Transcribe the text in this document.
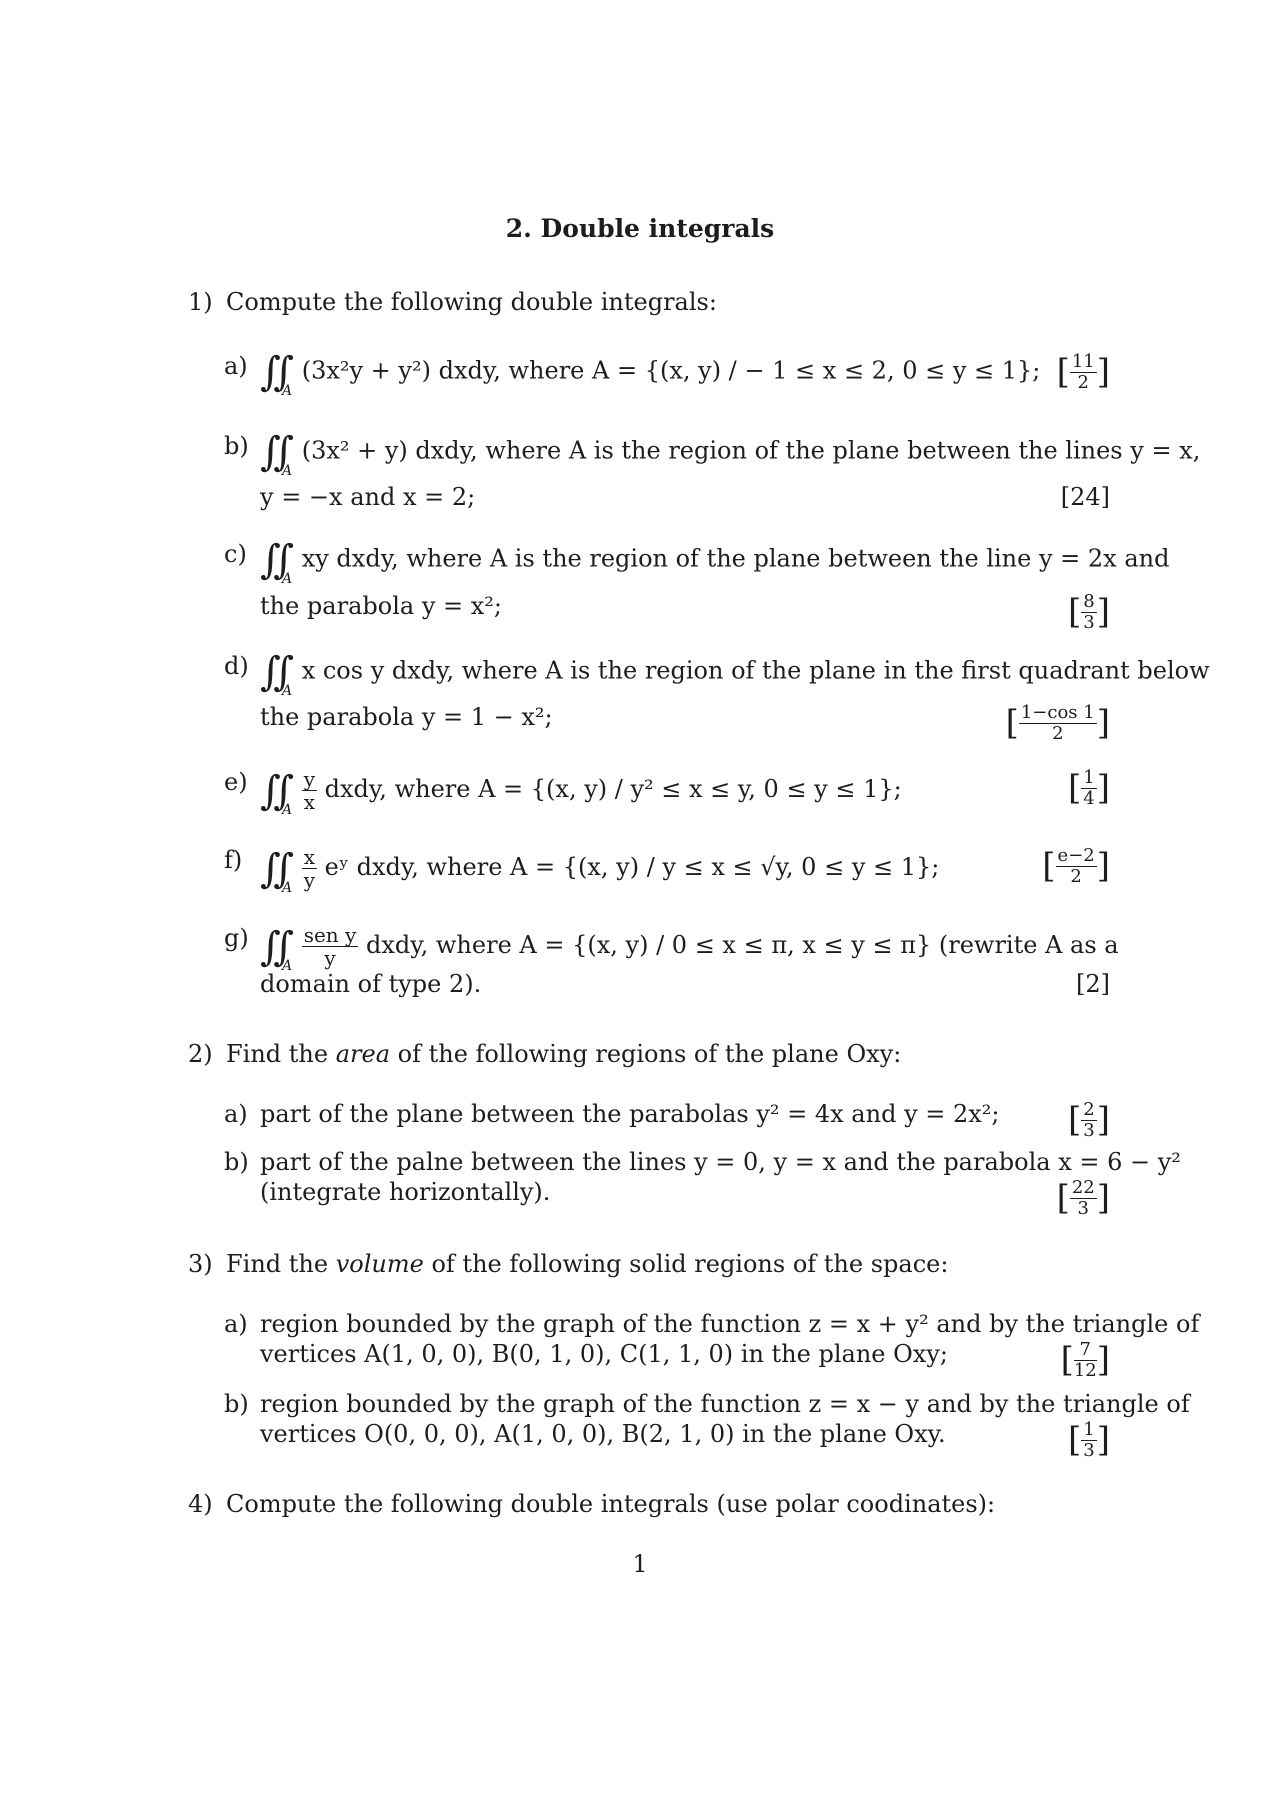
2. Double integrals
1) Compute the following double integrals:
a) ∬
A
(3x²y + y²) dxdy, where A = {(x, y) / − 1 ≤ x ≤ 2, 0 ≤ y ≤ 1}; [ $\frac{11}{2}$ ]
b) ∬
A
(3x² + y) dxdy, where A is the region of the plane between the lines y = x,
y = −x and x = 2;	[24]
c) ∬
A
xy dxdy, where A is the region of the plane between the line y = 2x and
the parabola y = x²;	[ $\frac{8}{3}$ ]
d) ∬
A
x cos y dxdy, where A is the region of the plane in the first quadrant below
the parabola y = 1 − x²;	[ $\frac{1-\cos 1}{2}$ ]
e) ∬
A
$\frac{y}{x}$ dxdy, where A = {(x, y) / y² ≤ x ≤ y, 0 ≤ y ≤ 1};	[ $\frac{1}{4}$ ]
f) ∬
A
$\frac{x}{y}$ eʸ dxdy, where A = {(x, y) / y ≤ x ≤ √y, 0 ≤ y ≤ 1};	[ $\frac{e-2}{2}$ ]
g) ∬
A
$\frac{\text{sen y}}{y}$ dxdy, where A = {(x, y) / 0 ≤ x ≤ π, x ≤ y ≤ π} (rewrite A as a
domain of type 2).	[2]
2) Find the area of the following regions of the plane Oxy:
a) part of the plane between the parabolas y² = 4x and y = 2x²; [ $\frac{2}{3}$ ]
b) part of the palne between the lines y = 0, y = x and the parabola x = 6 − y²
(integrate horizontally).	[ $\frac{22}{3}$ ]
3) Find the volume of the following solid regions of the space:
a) region bounded by the graph of the function z = x + y² and by the triangle of
vertices A(1, 0, 0), B(0, 1, 0), C(1, 1, 0) in the plane Oxy;	[ $\frac{7}{12}$ ]
b) region bounded by the graph of the function z = x − y and by the triangle of
vertices O(0, 0, 0), A(1, 0, 0), B(2, 1, 0) in the plane Oxy.	[ $\frac{1}{3}$ ]
4) Compute the following double integrals (use polar coodinates):
1
